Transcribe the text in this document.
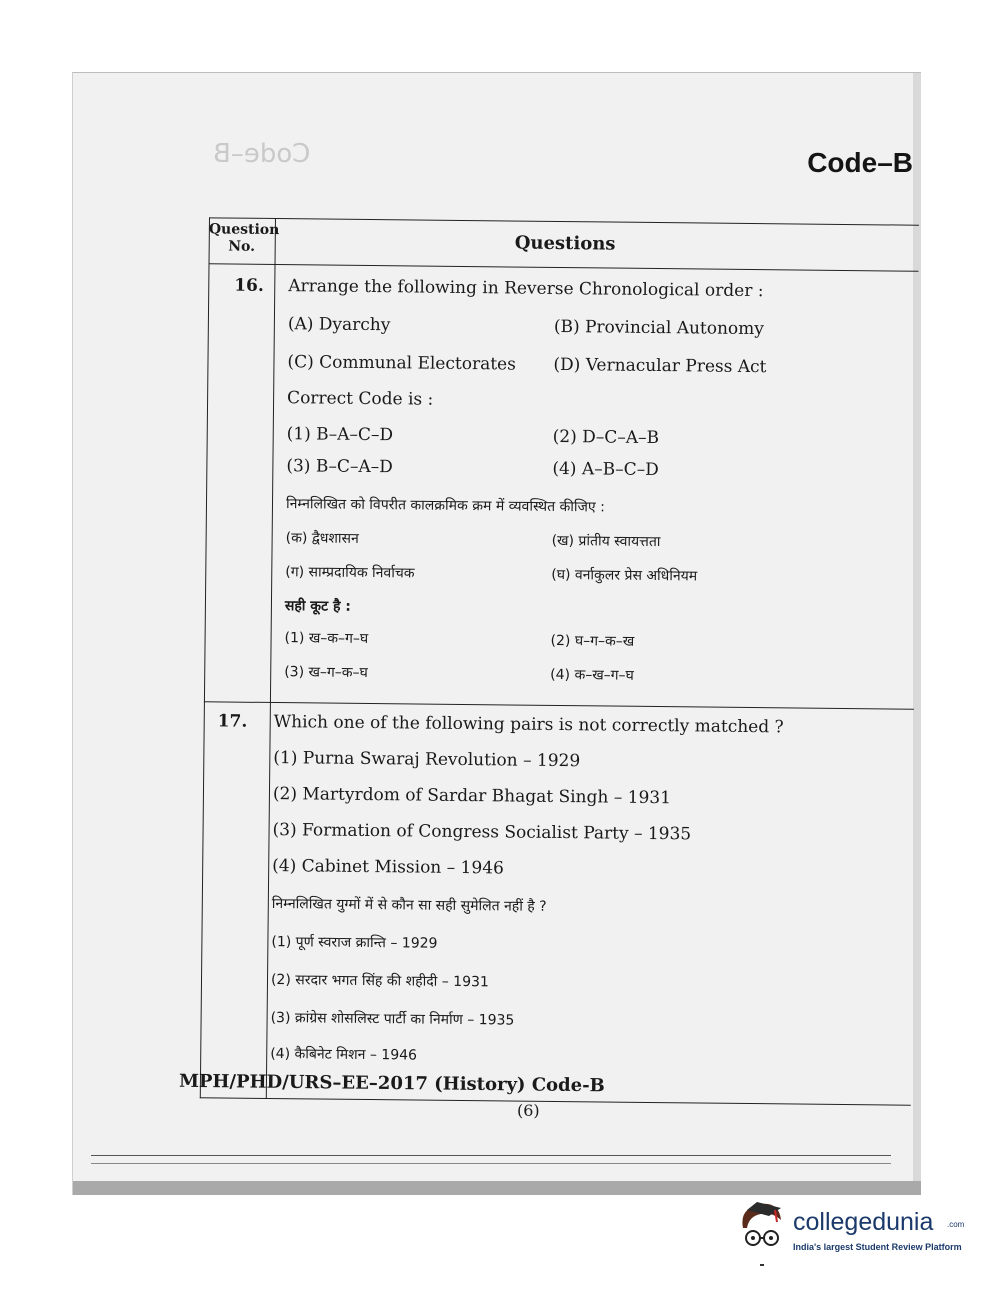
Code–B	Code–B
Question No.	Questions
16. Arrange the following in Reverse Chronological order :
(A) Dyarchy	(B) Provincial Autonomy
(C) Communal Electorates (D) Vernacular Press Act
Correct Code is :
(1) B–A–C–D	(2) D–C–A–B
(3) B–C–A–D	(4) A–B–C–D
निम्नलिखित को विपरीत कालक्रमिक क्रम में व्यवस्थित कीजिए :
(क) द्वैधशासन	(ख) प्रांतीय स्वायत्तता
(ग) साम्प्रदायिक निर्वाचक	(घ) वर्नाकुलर प्रेस अधिनियम
सही कूट है :
(1) ख–क–ग–घ	(2) घ–ग–क–ख
(3) ख–ग–क–घ	(4) क–ख–ग–घ
17. Which one of the following pairs is not correctly matched ?
(1) Purna Swaraj Revolution – 1929
(2) Martyrdom of Sardar Bhagat Singh – 1931
(3) Formation of Congress Socialist Party – 1935
(4) Cabinet Mission – 1946
निम्नलिखित युग्मों में से कौन सा सही सुमेलित नहीं है ?
(1) पूर्ण स्वराज क्रान्ति – 1929
(2) सरदार भगत सिंह की शहीदी – 1931
(3) क्रांग्रेस शोसलिस्ट पार्टी का निर्माण – 1935
(4) कैबिनेट मिशन – 1946
MPH/PHD/URS–EE–2017 (History) Code-B
(6)
collegedunia .com
India's largest Student Review Platform
